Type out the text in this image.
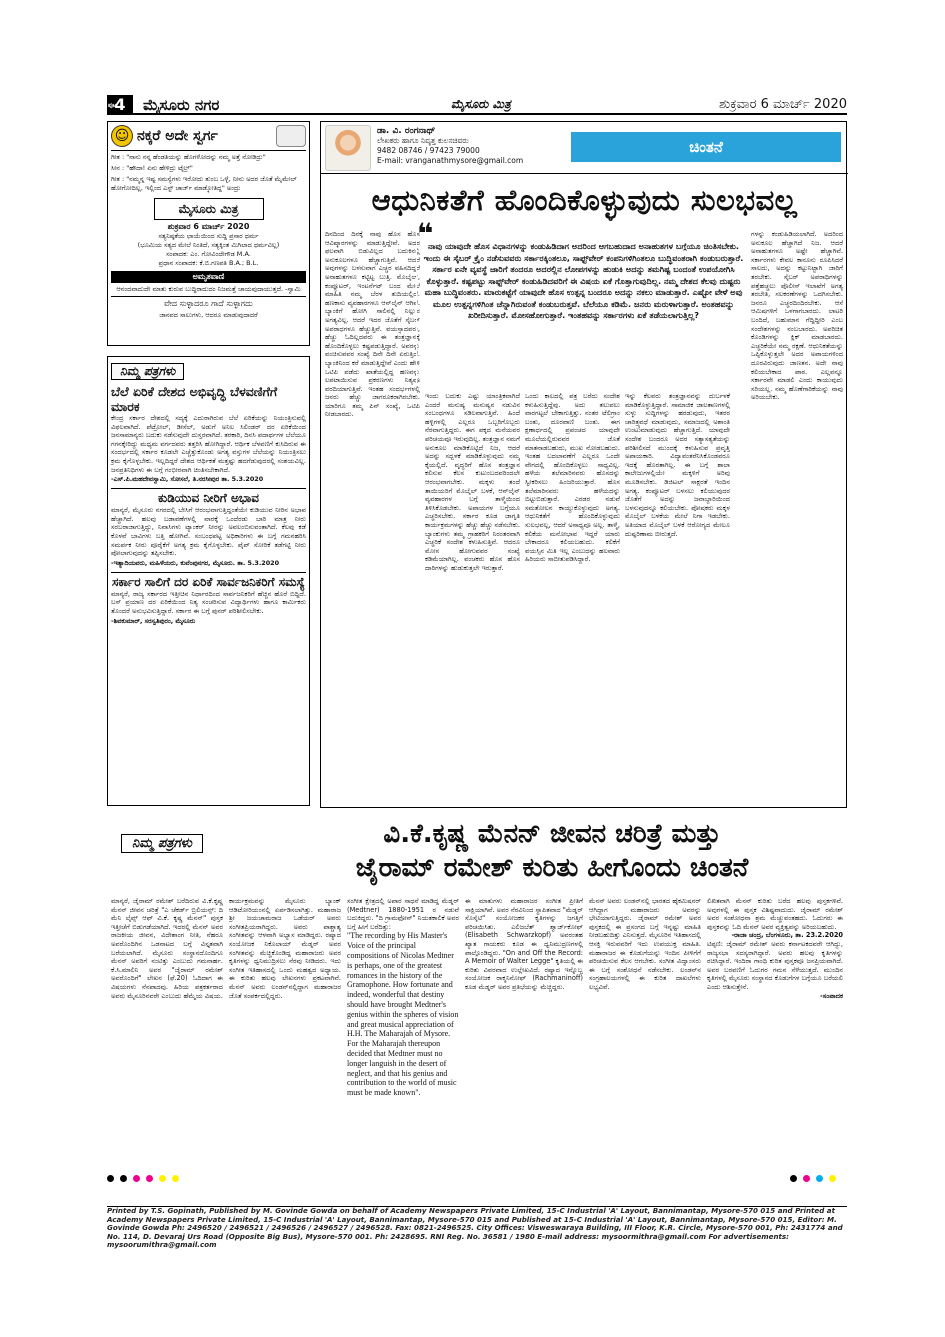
ಪುಟ
4	ಮೈಸೂರು ನಗರ	ಮೈಸೂರು ಮಿತ್ರ	ಶುಕ್ರವಾರ 6 ಮಾರ್ಚ್ 2020
☺ ನಕ್ಕರೆ ಅದೇ ಸ್ವರ್ಗ
ಗೀತ : "ನಾನು ನನ್ನ ಹೆಂಡತಿಯನ್ನು ಹೊಗಳೋದನ್ನು ನಮ್ಮ ಅತ್ತೆ ನೋಡಿದ್ರು"
ಸೀನ : "ಹೌದಾ! ಏನು ಹೇಳಿದ್ರು ಟೈಲ್ರ್"
ಗೀತ : "ನಮ್ಮನ್ನ ಇಷ್ಟ ಸಮಸ್ಯೆಗಳು ಇರೋದು ತುಂಬ ಒಳ್ಳೆ, ನೀನು ಅದರ ಜೊತೆ ಮೈಮೇಲ್ ಹೋಗೋದಿಲ್ಲ, ಇಲ್ಲಿಂದ ಎಸ್ಟ್ ಚಾರ್ಜ್ ಮಾಡ್ಕೋತಿದ್ದ" ಅಂದ್ರು
ಮೈಸೂರು ಮಿತ್ರ
ಶುಕ್ರವಾರ 6 ಮಾರ್ಚ್ 2020
ಸತ್ಯನಿಷ್ಠತೆಯ ಛಾಯೆಯಿಂದ ಸುದ್ದಿ ಪ್ರಸಾರ ಧರ್ಮ
(ಭೂಮಿಯ ಸತ್ಯದ ಮೇಲೆ ನಿಂತಿದೆ, ಸತ್ಯಕ್ಕಿಂತ ಮಿಗಿಲಾದ ಧರ್ಮವಿಲ್ಲ)
ಸಂಪಾದಕ: ಎಂ. ಗೋವಿಂದೇಗೌಡ M.A.
ಪ್ರಧಾನ ಸಂಪಾದಕ: ಕೆ.ಬಿ.ಗಣಪತಿ B.A.; B.L.
ಅಮೃತವಾಣಿ
ಆನಂದವಾದುದೇ ಮಾತು ಕುರುವ ಬುದ್ಧಿರಾದುದಂ ನಿಜಮತ್ತೆ ಚಾಯವುದಾಯುತ್ತದೆ. -ಸ್ವಾಮಿ
ವೇದ ಸುಳ್ಳಾದರೂ ಗಾದೆ ಸುಳ್ಳಾಗದು
ಜಾನಪದ ಸಾಲುಗಳು, ಆದರೂ ಮಾಡುವುದಾದರೆ
ನಿಮ್ಮ ಪತ್ರಗಳು
ಬೆಲೆ ಏರಿಕೆ ದೇಶದ ಅಭಿವೃದ್ಧಿ ಬೆಳವಣಿಗೆಗೆ ಮಾರಕ

ಕೇಂದ್ರ ಸರ್ಕಾರ ದೇಶದಲ್ಲಿ ಸದ್ಯಕ್ಕೆ ಎದುರಾಗಿರುವ ಬೆಲೆ ಏರಿಕೆಯನ್ನು ನಿಯಂತ್ರಿಸುವಲ್ಲಿ ವಿಫಲವಾಗಿದೆ. ಪೆಟ್ರೋಲ್, ಡೀಸೆಲ್, ಅಡುಗೆ ಅನಿಲ ಸಿಲಿಂಡರ್ ದರ ಏರಿಕೆಯಿಂದ ಜನಸಾಮಾನ್ಯರು ಬದುಕು ನಡೆಸುವುದೇ ದುಸ್ತರವಾಗಿದೆ. ತರಕಾರಿ, ದಿನಸಿ ಪದಾರ್ಥಗಳ ಬೆಲೆಯೂ ಗಗನಕ್ಕೇರಿದ್ದು ಮಧ್ಯಮ ವರ್ಗದವರು ತತ್ತರಿಸಿ ಹೋಗಿದ್ದಾರೆ. ಆರ್ಥಿಕ ಬೆಳವಣಿಗೆ ಕುಸಿದಿರುವ ಈ ಸಂದರ್ಭದಲ್ಲಿ ಸರ್ಕಾರ ಕೂಡಲೇ ಎಚ್ಚೆತ್ತುಕೊಂಡು ಅಗತ್ಯ ವಸ್ತುಗಳ ಬೆಲೆಯನ್ನು ನಿಯಂತ್ರಿಸಲು ಕ್ರಮ ಕೈಗೊಳ್ಳಬೇಕು. ಇಲ್ಲದಿದ್ದರೆ ದೇಶದ ಆರ್ಥಿಕತೆ ಮತ್ತಷ್ಟು ಹದಗೆಡುವುದರಲ್ಲಿ ಸಂಶಯವಿಲ್ಲ. ಜನಪ್ರತಿನಿಧಿಗಳು ಈ ಬಗ್ಗೆ ಗಂಭೀರವಾಗಿ ಚಿಂತಿಸಬೇಕಾಗಿದೆ.

-ಎಸ್.ಪಿ.ಮಹದೇವಸ್ವಾಮಿ, ಸೋಸಲೆ, ತಿ.ನರಸೀಪುರ ತಾ. 5.3.2020
ಕುಡಿಯುವ ನೀರಿಗೆ ಅಭಾವ

ಮಾನ್ಯರೆ, ಮೈಸೂರು ನಗರದಲ್ಲಿ ಬೇಸಿಗೆ ಆರಂಭವಾಗುತ್ತಿದ್ದಂತೆಯೇ ಕುಡಿಯುವ ನೀರಿನ ಅಭಾವ ಹೆಚ್ಚಾಗಿದೆ. ಹಲವು ಬಡಾವಣೆಗಳಲ್ಲಿ ವಾರಕ್ಕೆ ಒಂದೆರಡು ಬಾರಿ ಮಾತ್ರ ನೀರು ಸರಬರಾಜಾಗುತ್ತಿದ್ದು, ನಿವಾಸಿಗಳು ಟ್ಯಾಂಕರ್ ನೀರನ್ನು ಅವಲಂಬಿಸುವಂತಾಗಿದೆ. ಕೆಲವು ಕಡೆ ಕೊಳವೆ ಬಾವಿಗಳು ಬತ್ತಿ ಹೋಗಿವೆ. ಸಂಬಂಧಪಟ್ಟ ಅಧಿಕಾರಿಗಳು ಈ ಬಗ್ಗೆ ಗಮನಹರಿಸಿ ಸಮರ್ಪಕ ನೀರು ಪೂರೈಕೆಗೆ ಅಗತ್ಯ ಕ್ರಮ ಕೈಗೊಳ್ಳಬೇಕು. ಪೈಪ್ ಸೋರಿಕೆ ತಡೆಗಟ್ಟಿ ನೀರು ಪೋಲಾಗುವುದನ್ನು ತಪ್ಪಿಸಬೇಕು.

-ಇತ್ಯಾದಿಯವರು, ಮಹಿಳೆಯರು, ಕುವೆಂಪುನಗರ, ಮೈಸೂರು. ತಾ. 5.3.2020
ಸರ್ಕಾರ ಸಾಲಿಗೆ ದರ ಏರಿಕೆ ಸಾರ್ವಜನಿಕರಿಗೆ ಸಮಸ್ಯೆ

ಮಾನ್ಯರೆ, ರಾಜ್ಯ ಸರ್ಕಾರದ ಇತ್ತೀಚಿನ ನಿರ್ಧಾರದಿಂದ ಸಾರ್ವಜನಿಕರಿಗೆ ಹೆಚ್ಚಿನ ಹೊರೆ ಬಿದ್ದಿದೆ. ಬಸ್ ಪ್ರಯಾಣ ದರ ಏರಿಕೆಯಿಂದ ನಿತ್ಯ ಸಂಚರಿಸುವ ವಿದ್ಯಾರ್ಥಿಗಳು ಹಾಗೂ ಕಾರ್ಮಿಕರು ತೊಂದರೆ ಅನುಭವಿಸುತ್ತಿದ್ದಾರೆ. ಸರ್ಕಾರ ಈ ಬಗ್ಗೆ ಪುನರ್ ಪರಿಶೀಲಿಸಬೇಕು.

-ಶಿವಕುಮಾರ್, ಸರಸ್ವತಿಪುರಂ, ಮೈಸೂರು
ಡಾ. ವಿ. ರಂಗನಾಥ್
ಲೇಖಕರು ಹಾಗೂ ನಿವೃತ್ತ ಕುಲಸಚಿವರು
9482 08746 / 97423 79000
E-mail: vranganathmysore@gmail.com
ಚಿಂತನೆ
ಆಧುನಿಕತೆಗೆ ಹೊಂದಿಕೊಳ್ಳುವುದು ಸುಲಭವಲ್ಲ
ದಿನದಿಂದ ದಿನಕ್ಕೆ ನಾವು ಹೊಸ ಹೊಸ ಆವಿಷ್ಕಾರಗಳನ್ನು ಮಾಡುತ್ತಿದ್ದೇವೆ. ಅದರ ಫಲವಾಗಿ ಬಿಡುವಿಲ್ಲದ ಬದುಕಿನಲ್ಲಿ ಅನುಕೂಲಗಳೂ ಹೆಚ್ಚಾಗುತ್ತಿವೆ. ಆದರೆ ಅವುಗಳನ್ನು ಬಳಸುವಾಗ ಎಚ್ಚರ ವಹಿಸದಿದ್ದರೆ ಅನಾಹುತಗಳೂ ಕಟ್ಟಿಟ್ಟ ಬುತ್ತಿ. ಮೊಬೈಲ್, ಕಂಪ್ಯೂಟರ್, ಇಂಟರ್ನೆಟ್ ಬಂದ ಮೇಲೆ ಮಾಹಿತಿ ನಮ್ಮ ಬೆರಳ ತುದಿಯಲ್ಲಿದೆ. ಹಣಕಾಸು ವ್ಯವಹಾರಗಳೂ ಆನ್‌ಲೈನ್ ಆಗಿವೆ. ಬ್ಯಾಂಕಿಗೆ ಹೋಗಿ ಸಾಲಿನಲ್ಲಿ ನಿಲ್ಲುವ ಅಗತ್ಯವಿಲ್ಲ. ಆದರೆ ಇದರ ಜೊತೆಗೆ ಸೈಬರ್ ಅಪರಾಧಗಳೂ ಹೆಚ್ಚುತ್ತಿವೆ. ವಯಸ್ಸಾದವರು, ಹೆಚ್ಚು ಓದಿಲ್ಲದವರು ಈ ತಂತ್ರಜ್ಞಾನಕ್ಕೆ ಹೊಂದಿಕೊಳ್ಳಲು ಕಷ್ಟಪಡುತ್ತಿದ್ದಾರೆ. ಅವರನ್ನು ವಂಚಿಸುವವರ ಸಂಖ್ಯೆ ದಿನೇ ದಿನೇ ಏರುತ್ತಿದೆ. ಬ್ಯಾಂಕಿನಿಂದ ಕರೆ ಮಾಡುತ್ತಿದ್ದೇವೆ ಎಂದು ಹೇಳಿ ಒಟಿಪಿ ಪಡೆದು ಖಾತೆಯಲ್ಲಿದ್ದ ಹಣವನ್ನು ಲಪಟಾಯಿಸುವ ಪ್ರಕರಣಗಳು ನಿತ್ಯವೂ ವರದಿಯಾಗುತ್ತಿವೆ. ಇಂತಹ ಸಂದರ್ಭಗಳಲ್ಲಿ ಜನರು ಹೆಚ್ಚು ಜಾಗರೂಕರಾಗಿರಬೇಕು. ಯಾರಿಗೂ ತಮ್ಮ ಪಿನ್ ಸಂಖ್ಯೆ, ಒಟಿಪಿ ನೀಡಬಾರದು.
❝

ನಾವು ಯಾವುದೇ ಹೊಸ ವಿಧಾನಗಳನ್ನು ಕಂಡುಹಿಡಿದಾಗ ಅದರಿಂದ ಆಗಬಹುದಾದ ಅನಾಹುತಗಳ ಬಗ್ಗೆಯೂ ಚಿಂತಿಸಬೇಕು. ಇಂದು ಈ ಸೈಬರ್ ಕ್ರೈಂ ನಡೆಸುವವರು ಸರ್ಕಾರಕ್ಕಿಂತಲೂ, ಸಾಫ್ಟ್‌ವೇರ್ ಕಂಪನಿಗಳಿಗಿಂತಲೂ ಬುದ್ಧಿವಂತರಾಗಿ ಕಂಡುಬರುತ್ತಾರೆ. ಸರ್ಕಾರ ಏನೇ ವ್ಯವಸ್ಥೆ ಜಾರಿಗೆ ತಂದರೂ ಅದರಲ್ಲಿನ ಲೋಪಗಳನ್ನು ಹುಡುಕಿ ಅದನ್ನು ತಮಗಿಷ್ಟ ಬಂದಂತೆ ಉಪಯೋಗಿಸಿ ಕೊಳ್ಳುತ್ತಾರೆ. ಕಷ್ಟಪಟ್ಟು ಸಾಫ್ಟ್‌ವೇರ್ ಕಂಡುಹಿಡಿದವರಿಗೆ ಈ ವಿಷಯ ಏಕೆ ಗೊತ್ತಾಗುವುದಿಲ್ಲ. ನಮ್ಮ ದೇಶದ ಕೆಲವು ದುಷ್ಟರು ಮಹಾ ಬುದ್ಧಿವಂತರು. ಮಾರುಕಟ್ಟೆಗೆ ಯಾವುದೇ ಹೊಸ ಉತ್ಪನ್ನ ಬಂದರೂ ಅದನ್ನು ನಕಲು ಮಾಡುತ್ತಾರೆ. ಎಷ್ಟೋ ವೇಳೆ ಅವು ಮೂಲ ಉತ್ಪನ್ನಗಳಿಗಿಂತ ಚೆನ್ನಾಗಿರುವಂತೆ ಕಂಡುಬರುತ್ತವೆ. ಬೆಲೆಯೂ ಕಡಿಮೆ. ಜನರು ಮರುಳಾಗುತ್ತಾರೆ. ಅಂತಹವನ್ನು ಖರೀದಿಸುತ್ತಾರೆ. ಮೋಸಹೋಗುತ್ತಾರೆ. ಇಂತಹವನ್ನು ಸರ್ಕಾರಗಳು ಏಕೆ ತಡೆಯಲಾಗುತ್ತಿಲ್ಲ?

ಇಂದು ಬದುಕು ಎಷ್ಟು ಯಾಂತ್ರಿಕವಾಗಿದೆ ಎಂದರೆ ಮನುಷ್ಯ ಮನುಷ್ಯನ ನಡುವಿನ ಸಂಬಂಧಗಳೂ ಸಡಿಲವಾಗುತ್ತಿವೆ. ಹಿಂದೆ ಹಳ್ಳಿಗಳಲ್ಲಿ ಎಲ್ಲರೂ ಒಬ್ಬರಿಗೊಬ್ಬರು ನೆರವಾಗುತ್ತಿದ್ದರು. ಈಗ ಪಕ್ಕದ ಮನೆಯವರ ಪರಿಚಯವೂ ಇರುವುದಿಲ್ಲ. ತಂತ್ರಜ್ಞಾನ ನಮಗೆ ಅನುಕೂಲ ಮಾಡಿಕೊಟ್ಟಿದೆ ನಿಜ, ಆದರೆ ಅದನ್ನು ಸದ್ಬಳಕೆ ಮಾಡಿಕೊಳ್ಳುವುದು ನಮ್ಮ ಕೈಯಲ್ಲಿದೆ. ವೃದ್ಧರಿಗೆ ಹೊಸ ತಂತ್ರಜ್ಞಾನ ಕಲಿಸುವ ಕೆಲಸ ಕುಟುಂಬದವರಿಂದಲೇ ಆರಂಭವಾಗಬೇಕು. ಮಕ್ಕಳು ತಂದೆ ತಾಯಿಯರಿಗೆ ಮೊಬೈಲ್ ಬಳಕೆ, ಆನ್‌ಲೈನ್ ವ್ಯವಹಾರಗಳ ಬಗ್ಗೆ ತಾಳ್ಮೆಯಿಂದ ತಿಳಿಸಿಕೊಡಬೇಕು. ಅಪಾಯಗಳ ಬಗ್ಗೆಯೂ ಎಚ್ಚರಿಸಬೇಕು. ಸರ್ಕಾರ ಕೂಡ ಜಾಗೃತಿ ಕಾರ್ಯಕ್ರಮಗಳನ್ನು ಹೆಚ್ಚು ಹೆಚ್ಚು ನಡೆಸಬೇಕು. ಬ್ಯಾಂಕುಗಳು ತಮ್ಮ ಗ್ರಾಹಕರಿಗೆ ನಿರಂತರವಾಗಿ ಎಚ್ಚರಿಕೆ ಸಂದೇಶ ಕಳುಹಿಸುತ್ತಿವೆ. ಆದರೂ ಮೋಸ ಹೋಗುವವರ ಸಂಖ್ಯೆ ಕಡಿಮೆಯಾಗಿಲ್ಲ. ವಂಚಕರು ಹೊಸ ಹೊಸ ದಾರಿಗಳನ್ನು ಹುಡುಕುತ್ತಲೇ ಇರುತ್ತಾರೆ.
ಒಂದು ಕಾಲದಲ್ಲಿ ಪತ್ರ ಬರೆದು ಸಂದೇಶ ಕಳುಹಿಸುತ್ತಿದ್ದೆವು. ಅದು ತಲುಪಲು ವಾರಗಟ್ಟಲೆ ಬೇಕಾಗುತ್ತಿತ್ತು. ನಂತರ ಟೆಲಿಗ್ರಾಂ ಬಂತು, ದೂರವಾಣಿ ಬಂತು. ಈಗ ಕ್ಷಣಾರ್ಧದಲ್ಲಿ ಪ್ರಪಂಚದ ಯಾವುದೇ ಮೂಲೆಯಲ್ಲಿರುವವರ ಜೊತೆ ಮಾತನಾಡಬಹುದು, ಮುಖ ನೋಡಬಹುದು. ಇಂತಹ ಬದಲಾವಣೆಗೆ ಎಲ್ಲರೂ ಒಂದೇ ವೇಗದಲ್ಲಿ ಹೊಂದಿಕೊಳ್ಳಲು ಸಾಧ್ಯವಿಲ್ಲ. ಹಳೆಯ ತಲೆಮಾರಿನವರು ಹೊಸದನ್ನು ಸ್ವೀಕರಿಸಲು ಹಿಂಜರಿಯುತ್ತಾರೆ. ಹೊಸ ತಲೆಮಾರಿನವರು ಹಳೆಯದನ್ನು ಬಿಟ್ಟುಬಿಡುತ್ತಾರೆ. ಎರಡರ ನಡುವೆ ಸಮತೋಲನ ಕಾಯ್ದುಕೊಳ್ಳುವುದು ಅಗತ್ಯ. ಆಧುನಿಕತೆಗೆ ಹೊಂದಿಕೊಳ್ಳುವುದು ಸುಲಭವಲ್ಲ, ಆದರೆ ಅಸಾಧ್ಯವೂ ಅಲ್ಲ. ತಾಳ್ಮೆ, ಕಲಿಕೆಯ ಮನೋಭಾವ ಇದ್ದರೆ ಯಾರು ಬೇಕಾದರೂ ಕಲಿಯಬಹುದು. ಕಲಿಕೆಗೆ ವಯಸ್ಸಿನ ಮಿತಿ ಇಲ್ಲ ಎಂಬುದನ್ನು ಹಲವಾರು ಹಿರಿಯರು ಸಾಬೀತುಪಡಿಸಿದ್ದಾರೆ.
ಇನ್ನು ಕೆಲವರು ತಂತ್ರಜ್ಞಾನವನ್ನು ದುರ್ಬಳಕೆ ಮಾಡಿಕೊಳ್ಳುತ್ತಿದ್ದಾರೆ. ಸಾಮಾಜಿಕ ಜಾಲತಾಣಗಳಲ್ಲಿ ಸುಳ್ಳು ಸುದ್ದಿಗಳನ್ನು ಹರಡುವುದು, ಇತರರ ಚಾರಿತ್ರ್ಯವಧೆ ಮಾಡುವುದು, ಸಮಾಜದಲ್ಲಿ ಅಶಾಂತಿ ಉಂಟುಮಾಡುವುದು ಹೆಚ್ಚಾಗುತ್ತಿದೆ. ಯಾವುದೇ ಸಂದೇಶ ಬಂದರೂ ಅದರ ಸತ್ಯಾಸತ್ಯತೆಯನ್ನು ಪರಿಶೀಲಿಸದೆ ಮುಂದಕ್ಕೆ ಕಳುಹಿಸುವ ಪ್ರವೃತ್ತಿ ಅಪಾಯಕಾರಿ. ವಿದ್ಯಾವಂತರೆನಿಸಿಕೊಂಡವರೂ ಇದಕ್ಕೆ ಹೊರತಾಗಿಲ್ಲ. ಈ ಬಗ್ಗೆ ಶಾಲಾ ಕಾಲೇಜುಗಳಲ್ಲಿಯೇ ಮಕ್ಕಳಿಗೆ ಅರಿವು ಮೂಡಿಸಬೇಕು. ಡಿಜಿಟಲ್ ಸಾಕ್ಷರತೆ ಇಂದಿನ ಅಗತ್ಯ. ಕಂಪ್ಯೂಟರ್ ಬಳಸಲು ಕಲಿಯುವುದರ ಜೊತೆಗೆ ಅದನ್ನು ಜವಾಬ್ದಾರಿಯಿಂದ ಬಳಸುವುದನ್ನೂ ಕಲಿಯಬೇಕು. ಪೋಷಕರು ಮಕ್ಕಳ ಮೊಬೈಲ್ ಬಳಕೆಯ ಮೇಲೆ ನಿಗಾ ಇಡಬೇಕು. ಅತಿಯಾದ ಮೊಬೈಲ್ ಬಳಕೆ ಆರೋಗ್ಯದ ಮೇಲೂ ದುಷ್ಪರಿಣಾಮ ಬೀರುತ್ತದೆ.
ಗಳನ್ನು ಕಂಡುಹಿಡಿಯಲಾಗಿದೆ. ಅದರಿಂದ ಅನುಕೂಲ ಹೆಚ್ಚಾಗಿದೆ ನಿಜ. ಆದರೆ ಅನಾಹುತಗಳೂ ಅಷ್ಟೇ ಹೆಚ್ಚಾಗಿವೆ. ಸರ್ಕಾರಗಳು ಕೇವಲ ಕಾನೂನು ರೂಪಿಸಿದರೆ ಸಾಲದು, ಅದನ್ನು ಕಟ್ಟುನಿಟ್ಟಾಗಿ ಜಾರಿಗೆ ತರಬೇಕು. ಸೈಬರ್ ಅಪರಾಧಿಗಳನ್ನು ಪತ್ತೆಹಚ್ಚಲು ಪೊಲೀಸ್ ಇಲಾಖೆಗೆ ಅಗತ್ಯ ತರಬೇತಿ, ಸಲಕರಣೆಗಳನ್ನು ಒದಗಿಸಬೇಕು. ಜನರೂ ಎಚ್ಚರದಿಂದಿರಬೇಕು. ಆಸೆ ಆಮಿಷಗಳಿಗೆ ಒಳಗಾಗಬಾರದು. ಲಾಟರಿ ಬಂದಿದೆ, ಬಹುಮಾನ ಗೆದ್ದಿದ್ದೀರಿ ಎಂಬ ಸಂದೇಶಗಳನ್ನು ನಂಬಬಾರದು. ಅಪರಿಚಿತ ಕೊಂಡಿಗಳನ್ನು ಕ್ಲಿಕ್ ಮಾಡಬಾರದು. ಎಚ್ಚರಿಕೆಯೇ ನಮ್ಮ ರಕ್ಷಣೆ. ಆಧುನಿಕತೆಯನ್ನು ಒಪ್ಪಿಕೊಳ್ಳುತ್ತಲೇ ಅದರ ಅಪಾಯಗಳಿಂದ ದೂರವಿರುವುದು ಜಾಣತನ. ಅದೇ ನಾವು ಕಲಿಯಬೇಕಾದ ಪಾಠ. ಎಲ್ಲವನ್ನೂ ಸರ್ಕಾರವೇ ಮಾಡಲಿ ಎಂದು ಕಾಯುವುದು ಸರಿಯಲ್ಲ. ನಮ್ಮ ಹೊಣೆಗಾರಿಕೆಯನ್ನು ನಾವು ಅರಿಯಬೇಕು.
ನಿಮ್ಮ ಪತ್ರಗಳು	ವಿ.ಕೆ.ಕೃಷ್ಣ ಮೆನನ್ ಜೀವನ ಚರಿತ್ರೆ ಮತ್ತು
ಜೈರಾಮ್ ರಮೇಶ್ ಕುರಿತು ಹೀಗೊಂದು ಚಿಂತನೆ
ಮಾನ್ಯರೆ, ಜೈರಾಮ್ ರಮೇಶ್ ಬರೆದಿರುವ ವಿ.ಕೆ.ಕೃಷ್ಣ ಮೆನನ್ ಜೀವನ ಚರಿತ್ರೆ "ಎ ಚೆಕರ್ಡ್ ಬ್ರಿಲಿಯನ್ಸ್: ದಿ ಮೆನಿ ಲೈವ್ಸ್ ಆಫ್ ವಿ.ಕೆ. ಕೃಷ್ಣ ಮೆನನ್" ಪುಸ್ತಕ ಇತ್ತೀಚೆಗೆ ಬಿಡುಗಡೆಯಾಗಿದೆ. ಇದರಲ್ಲಿ ಮೆನನ್ ಅವರ ರಾಜಕೀಯ ಜೀವನ, ವಿದೇಶಾಂಗ ನೀತಿ, ನೆಹರೂ ಅವರೊಂದಿಗಿನ ಒಡನಾಟದ ಬಗ್ಗೆ ವಿಸ್ತೃತವಾಗಿ ಬರೆಯಲಾಗಿದೆ. ಮೈಸೂರು ಸಂಸ್ಥಾನದೊಂದಿಗೂ ಮೆನನ್ ಅವರಿಗೆ ನಂಟಿತ್ತು ಎಂಬುದು ಗಮನಾರ್ಹ. ಕೆ.ಸಿ.ಮಾಲಿನಿ ಅವರ "ಜೈರಾಮ್ ರಮೇಶ್ ಅವರೊಂದಿಗೆ" ಲೇಖನ (ಫೆ.20) ಓದಿದಾಗ ಈ ವಿಷಯಗಳು ನೆನಪಾದವು. ಹಿರಿಯ ಪತ್ರಕರ್ತರಾದ ಅವರು ಮೈಸೂರಿನವರೇ ಎಂಬುದು ಹೆಮ್ಮೆಯ ವಿಷಯ.
ಕಾರ್ಯಕ್ರಮವನ್ನು ಮೈಸೂರು ಬ್ಯಾಂಕ್ ಆಡಿಟೋರಿಯಂನಲ್ಲಿ ಏರ್ಪಡಿಸಲಾಗಿತ್ತು. ಮಹಾರಾಜ ಶ್ರೀ ಜಯಚಾಮರಾಜ ಒಡೆಯರ್ ಅವರು ಸಂಗೀತಪ್ರಿಯರಾಗಿದ್ದರು. ಅವರು ಪಾಶ್ಚಾತ್ಯ ಸಂಗೀತವನ್ನು ಆಳವಾಗಿ ಅಭ್ಯಾಸ ಮಾಡಿದ್ದರು. ರಷ್ಯಾದ ಸಂಯೋಜಕ ನಿಕೊಲಾಯ್ ಮೆಡ್ನರ್ ಅವರ ಸಂಗೀತವನ್ನು ಮೆಚ್ಚಿಕೊಂಡಿದ್ದ ಮಹಾರಾಜರು ಅವರ ಕೃತಿಗಳನ್ನು ಧ್ವನಿಮುದ್ರಿಸಲು ನೆರವು ನೀಡಿದರು. ಇದು ಸಂಗೀತ ಇತಿಹಾಸದಲ್ಲಿ ಒಂದು ಮಹತ್ವದ ಅಧ್ಯಾಯ. ಈ ಕುರಿತು ಹಲವು ಲೇಖನಗಳು ಪ್ರಕಟವಾಗಿವೆ. ಮೆನನ್ ಅವರು ಲಂಡನ್‌ನಲ್ಲಿದ್ದಾಗ ಮಹಾರಾಜರ ಜೊತೆ ಸಂಪರ್ಕದಲ್ಲಿದ್ದರು.

ಸಂಗೀತ ಕ್ಷೇತ್ರದಲ್ಲಿ ಅಪಾರ ಸಾಧನೆ ಮಾಡಿದ್ದ ಮೆಡ್ನರ್ (Medtner) 1880-1951 ರ ನಡುವೆ ಬದುಕಿದ್ದರು. "ದಿ ಗ್ರಾಮಫೋನ್" ನಿಯತಕಾಲಿಕೆ ಅವರ ಬಗ್ಗೆ ಹೀಗೆ ಬರೆದಿತ್ತು:

"The recording by His Master's Voice of the principal compositions of Nicolas Medtner is perhaps, one of the greatest romances in the history of the Gramophone. How fortunate and indeed, wonderful that destiny should have brought Medtner's genius within the spheres of vision and great musical appreciation of H.H. The Maharajah of Mysore. For the Maharajah thereupon decided that Medtner must no longer languish in the desert of neglect, and that his genius and contribution to the world of music must be made known".

ಈ ಮಾತುಗಳು ಮಹಾರಾಜರ ಸಂಗೀತ ಪ್ರೀತಿಗೆ ಸಾಕ್ಷಿಯಾಗಿವೆ. ಅವರ ನೆರವಿನಿಂದ ಸ್ಥಾಪಿತವಾದ "ಮೆಡ್ನರ್ ಸೊಸೈಟಿ" ಸಂಯೋಜಕರ ಕೃತಿಗಳನ್ನು ಜಗತ್ತಿಗೆ ಪರಿಚಯಿಸಿತು. ಎಲಿಜಬೆತ್ ಶ್ವಾರ್ಜ್‌ಕೋಫ್ (Elisabeth Schwarzkopf) ಅವರಂತಹ ಖ್ಯಾತ ಗಾಯಕರು ಕೂಡ ಈ ಧ್ವನಿಮುದ್ರಣಗಳಲ್ಲಿ ಪಾಲ್ಗೊಂಡಿದ್ದರು. "On and Off the Record: A Memoir of Walter Legge" ಕೃತಿಯಲ್ಲಿ ಈ ಕುರಿತು ವಿವರವಾದ ಉಲ್ಲೇಖವಿದೆ. ರಷ್ಯಾದ ಇನ್ನೊಬ್ಬ ಸಂಯೋಜಕ ರಾಕ್ಮನಿನೋಫ್ (Rachmaninoff) ಕೂಡ ಮೆಡ್ನರ್ ಅವರ ಪ್ರತಿಭೆಯನ್ನು ಮೆಚ್ಚಿದ್ದರು.
ಮೆನನ್ ಅವರು ಲಂಡನ್‌ನಲ್ಲಿ ಭಾರತದ ಹೈಕಮಿಷನರ್ ಆಗಿದ್ದಾಗ ಮಹಾರಾಜರು ಅವರನ್ನು ಭೇಟಿಯಾಗುತ್ತಿದ್ದರು. ಜೈರಾಮ್ ರಮೇಶ್ ಅವರ ಪುಸ್ತಕದಲ್ಲಿ ಈ ಪ್ರಸಂಗದ ಬಗ್ಗೆ ಇನ್ನಷ್ಟು ಮಾಹಿತಿ ನೀಡಬಹುದಿತ್ತು ಎನಿಸುತ್ತದೆ. ಮೈಸೂರಿನ ಇತಿಹಾಸದಲ್ಲಿ ಆಸಕ್ತಿ ಇರುವವರಿಗೆ ಇದು ಉಪಯುಕ್ತ ಮಾಹಿತಿ. ಮಹಾರಾಜರ ಈ ಕೊಡುಗೆಯನ್ನು ಇಂದಿನ ಪೀಳಿಗೆಗೆ ಪರಿಚಯಿಸುವ ಕೆಲಸ ಆಗಬೇಕು. ಸಂಗೀತ ವಿದ್ವಾಂಸರು ಈ ಬಗ್ಗೆ ಸಂಶೋಧನೆ ನಡೆಸಬೇಕು. ಲಂಡನ್‌ನ ಸಂಗ್ರಹಾಲಯಗಳಲ್ಲಿ ಈ ಕುರಿತ ದಾಖಲೆಗಳು ಲಭ್ಯವಿವೆ.

ಲಿಖಿತವಾಗಿ ಮೆನನ್ ಕುರಿತು ಬರೆದ ಹಲವು ಪುಸ್ತಕಗಳಿವೆ. ಅವುಗಳಲ್ಲಿ ಈ ಪುಸ್ತಕ ವಿಶಿಷ್ಟವಾದುದು. ಜೈರಾಮ್ ರಮೇಶ್ ಅವರ ಸಂಶೋಧನಾ ಶ್ರಮ ಮೆಚ್ಚುವಂತಹದು. ಓದುಗರು ಈ ಪುಸ್ತಕವನ್ನು ಓದಿ ಮೆನನ್ ಅವರ ವ್ಯಕ್ತಿತ್ವವನ್ನು ಅರಿಯಬಹುದು.

-ರಾಜಾ ಚಂದ್ರ, ಬೆಂಗಳೂರು, ತಾ. 23.2.2020

ಟಿಪ್ಪಣಿ: ಜೈರಾಮ್ ರಮೇಶ್ ಅವರು ಕರ್ನಾಟಕದವರೇ ಆಗಿದ್ದು, ರಾಜ್ಯಸಭಾ ಸದಸ್ಯರಾಗಿದ್ದಾರೆ. ಅವರು ಹಲವು ಕೃತಿಗಳನ್ನು ರಚಿಸಿದ್ದಾರೆ. ಇಂದಿರಾ ಗಾಂಧಿ ಕುರಿತ ಪುಸ್ತಕವೂ ಜನಪ್ರಿಯವಾಗಿದೆ. ಅವರ ಬರವಣಿಗೆ ಓದುಗರ ಗಮನ ಸೆಳೆಯುತ್ತದೆ. ಮುಂದಿನ ಕೃತಿಗಳಲ್ಲಿ ಮೈಸೂರು ಸಂಸ್ಥಾನದ ಕೊಡುಗೆಗಳ ಬಗ್ಗೆಯೂ ಬರೆಯಲಿ ಎಂದು ಆಶಿಸುತ್ತೇನೆ.

-ಸಂಪಾದಕ

Printed by T.S. Gopinath, Published by M. Govinde Gowda on behalf of Academy Newspapers Private Limited, 15-C Industrial 'A' Layout, Bannimantap, Mysore-570 015 and Printed at Academy Newspapers Private Limited, 15-C Industrial 'A' Layout, Bannimantap, Mysore-570 015 and Published at 15-C Industrial 'A' Layout, Bannimantap, Mysore-570 015, Editor: M. Govinde Gowda Ph: 2496520 / 2496521 / 2496526 / 2496527 / 2496528. Fax: 0821-2496525. City Offices: Visweswaraya Building, III Floor, K.R. Circle, Mysore-570 001, Ph: 2431774 and No. 114, D. Devaraj Urs Road (Opposite Big Bus), Mysore-570 001. Ph: 2428695. RNI Reg. No. 36581 / 1980 E-mail address: mysoormithra@gmail.com For advertisements: mysoorumithra@gmail.com
